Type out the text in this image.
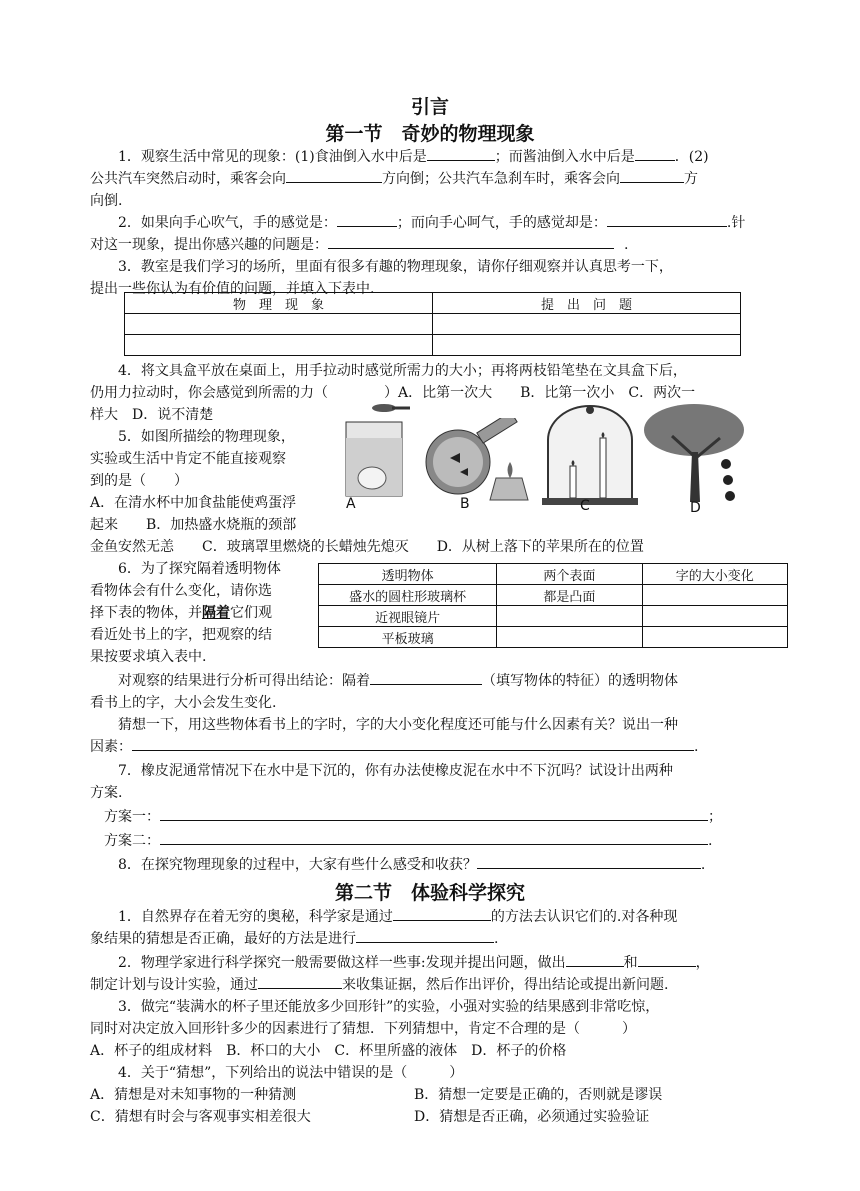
引言
第一节　奇妙的物理现象
1．观察生活中常见的现象：(1)食油倒入水中后是	；而酱油倒入水中后是	．(2)
公共汽车突然启动时，乘客会向	方向倒；公共汽车急刹车时，乘客会向	方
向倒.
2．如果向手心吹气，手的感觉是：	；而向手心呵气，手的感觉却是：	.针
对这一现象，提出你感兴趣的问题是：	.
3．教室是我们学习的场所，里面有很多有趣的物理现象，请你仔细观察并认真思考一下，
提出一些你认为有价值的问题，并填入下表中.
物　理　现　象	提　出　问　题

4．将文具盒平放在桌面上，用手拉动时感觉所需力的大小；再将两枝铅笔垫在文具盒下后，
仍用力拉动时，你会感觉到所需的力（　　　　）A．比第一次大　　B．比第一次小　C．两次一
样大　D．说不清楚
5．如图所描绘的物理现象，
实验或生活中肯定不能直接观察
到的是（　　）
A．在清水杯中加食盐能使鸡蛋浮
起来　　B．加热盛水烧瓶的颈部
金鱼安然无恙　　C．玻璃罩里燃烧的长蜡烛先熄灭　　D．从树上落下的苹果所在的位置
A	B	C	D
6．为了探究隔着透明物体
看物体会有什么变化，请你选
择下表的物体，并隔着它们观
看近处书上的字，把观察的结
果按要求填入表中.
透明物体	两个表面	字的大小变化
盛水的圆柱形玻璃杯	都是凸面	
近视眼镜片		
平板玻璃		
对观察的结果进行分析可得出结论：隔着	（填写物体的特征）的透明物体
看书上的字，大小会发生变化.
猜想一下，用这些物体看书上的字时，字的大小变化程度还可能与什么因素有关？说出一种
因素：	.
7．橡皮泥通常情况下在水中是下沉的，你有办法使橡皮泥在水中不下沉吗？试设计出两种
方案.
方案一：	；
方案二：	.
8．在探究物理现象的过程中，大家有些什么感受和收获？	.
第二节　体验科学探究
1．自然界存在着无穷的奥秘，科学家是通过	的方法去认识它们的.对各种现
象结果的猜想是否正确，最好的方法是进行	.
2．物理学家进行科学探究一般需要做这样一些事:发现并提出问题，做出	和	，
制定计划与设计实验，通过	来收集证据，然后作出评价，得出结论或提出新问题.
3．做完“装满水的杯子里还能放多少回形针”的实验，小强对实验的结果感到非常吃惊，
同时对决定放入回形针多少的因素进行了猜想．下列猜想中，肯定不合理的是（　　　）
A．杯子的组成材料　B．杯口的大小　C．杯里所盛的液体　D．杯子的价格
4．关于“猜想”，下列给出的说法中错误的是（　　　）
A．猜想是对未知事物的一种猜测	B．猜想一定要是正确的，否则就是谬误
C．猜想有时会与客观事实相差很大	D．猜想是否正确，必须通过实验验证
